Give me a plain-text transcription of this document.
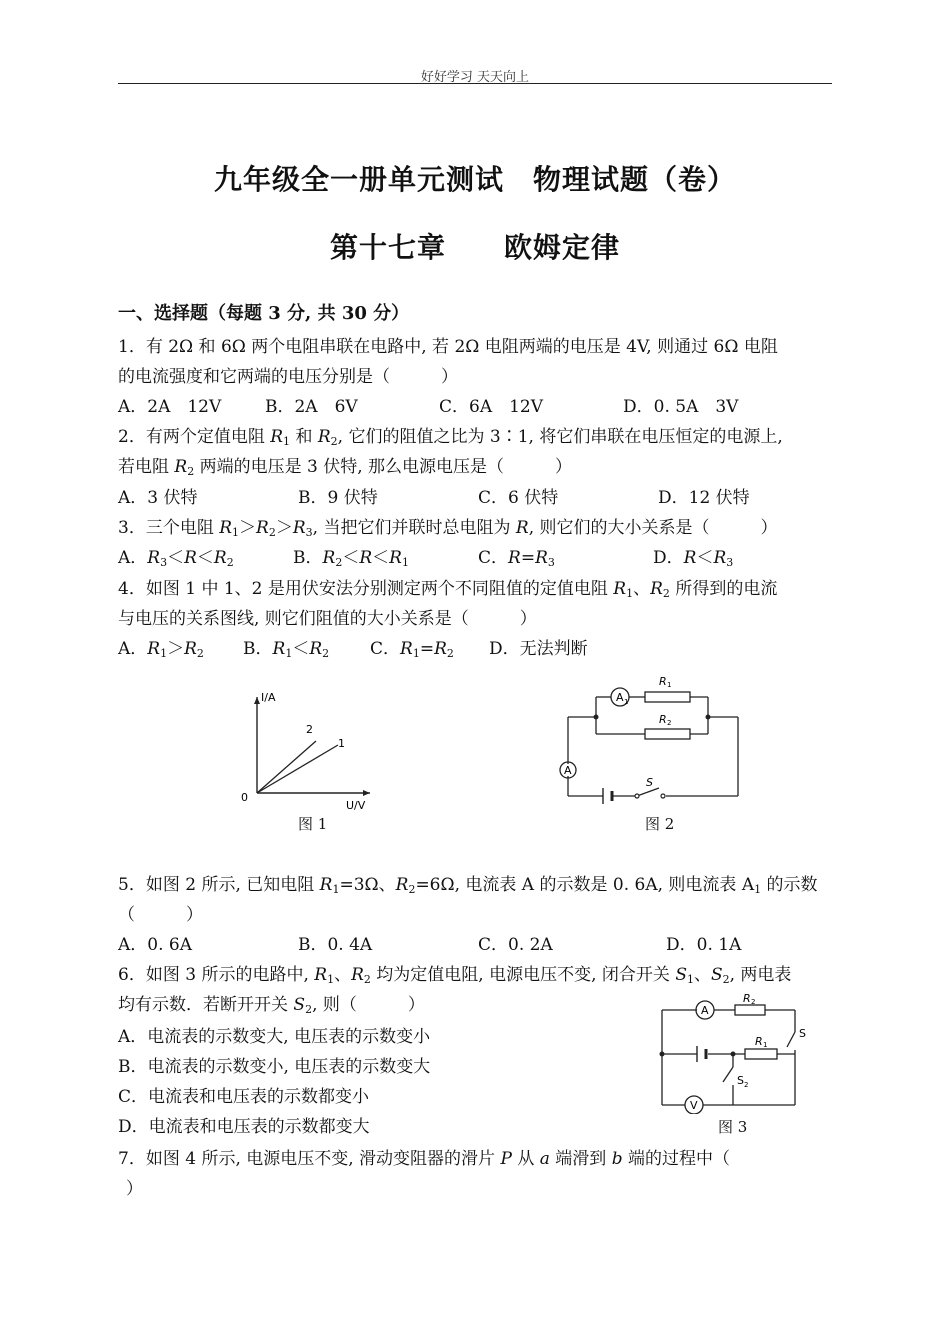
好好学习 天天向上
九年级全一册单元测试　物理试题（卷）
第十七章　　欧姆定律
一、选择题（每题 3 分, 共 30 分）
1．有 2Ω 和 6Ω 两个电阻串联在电路中, 若 2Ω 电阻两端的电压是 4V, 则通过 6Ω 电阻
的电流强度和它两端的电压分别是（　　　）
A．2A　12V	B．2A　6V	C．6A　12V	D．0. 5A　3V
2．有两个定值电阻 $R_1$ 和 $R_2$, 它们的阻值之比为 3∶1, 将它们串联在电压恒定的电源上,
若电阻 $R_2$ 两端的电压是 3 伏特, 那么电源电压是（　　　）
A．3 伏特	B．9 伏特	C．6 伏特	D．12 伏特
3．三个电阻 $R_1>R_2>R_3$, 当把它们并联时总电阻为 R, 则它们的大小关系是（　　　）
A．$R_3<R<R_2$	B．$R_2<R<R_1$	C．$R=R_3$	D．$R<R_3$
4．如图 1 中 1、2 是用伏安法分别测定两个不同阻值的定值电阻 $R_1$、$R_2$ 所得到的电流
与电压的关系图线, 则它们阻值的大小关系是（　　　）
A．$R_1>R_2$ B．$R_1<R_2$ C．$R_1=R_2$ D．无法判断
I/A
U/V
0
2
1
图 1
A 1
A
R 1
R 2
S
图 2
5．如图 2 所示, 已知电阻 $R_1=3\Omega$、$R_2=6\Omega$, 电流表 A 的示数是 0. 6A, 则电流表 $A_1$ 的示数
（　　　）
A．0. 6A	B．0. 4A	C．0. 2A	D．0. 1A
6．如图 3 所示的电路中, $R_1$、$R_2$ 均为定值电阻, 电源电压不变, 闭合开关 $S_1$、$S_2$, 两电表
均有示数．若断开开关 $S_2$, 则（　　　）
A．电流表的示数变大, 电压表的示数变小
B．电流表的示数变小, 电压表的示数变大
C．电流表和电压表的示数都变小
D．电流表和电压表的示数都变大
A
V
R 2
R 1
S
S 2
图 3
7．如图 4 所示, 电源电压不变, 滑动变阻器的滑片 P 从 a 端滑到 b 端的过程中（
）
